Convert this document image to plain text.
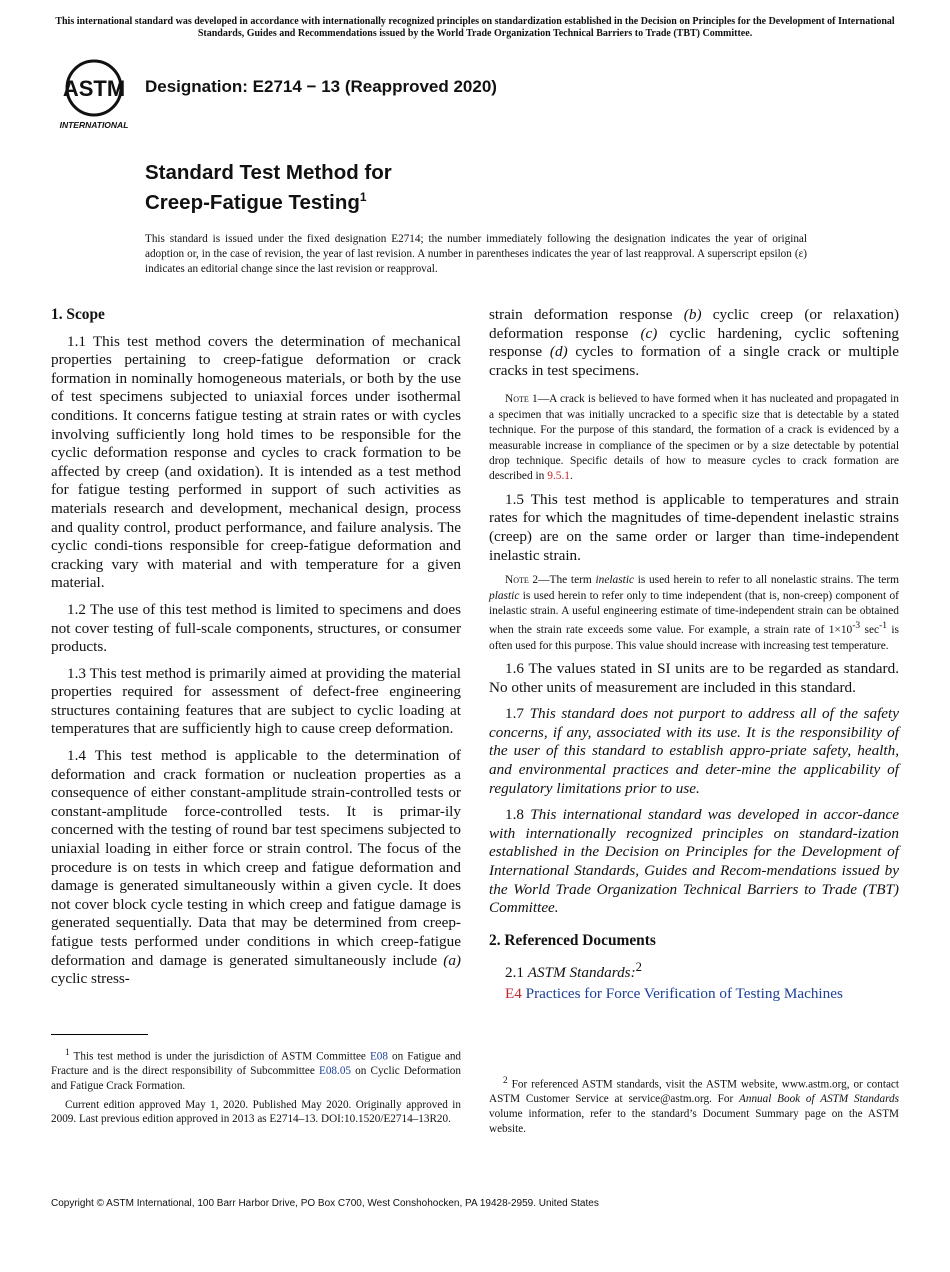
This international standard was developed in accordance with internationally recognized principles on standardization established in the Decision on Principles for the Development of International Standards, Guides and Recommendations issued by the World Trade Organization Technical Barriers to Trade (TBT) Committee.
ASTM
INTERNATIONAL
Designation: E2714 − 13 (Reapproved 2020)
Standard Test Method for
Creep-Fatigue Testing$^1$
This standard is issued under the fixed designation E2714; the number immediately following the designation indicates the year of original adoption or, in the case of revision, the year of last revision. A number in parentheses indicates the year of last reapproval. A superscript epsilon (ε) indicates an editorial change since the last revision or reapproval.
1. Scope

1.1 This test method covers the determination of mechanical properties pertaining to creep-fatigue deformation or crack formation in nominally homogeneous materials, or both by the use of test specimens subjected to uniaxial forces under isothermal conditions. It concerns fatigue testing at strain rates or with cycles involving sufficiently long hold times to be responsible for the cyclic deformation response and cycles to crack formation to be affected by creep (and oxidation). It is intended as a test method for fatigue testing performed in support of such activities as materials research and development, mechanical design, process and quality control, product performance, and failure analysis. The cyclic condi-tions responsible for creep-fatigue deformation and cracking vary with material and with temperature for a given material.

1.2 The use of this test method is limited to specimens and does not cover testing of full-scale components, structures, or consumer products.

1.3 This test method is primarily aimed at providing the material properties required for assessment of defect-free engineering structures containing features that are subject to cyclic loading at temperatures that are sufficiently high to cause creep deformation.

1.4 This test method is applicable to the determination of deformation and crack formation or nucleation properties as a consequence of either constant-amplitude strain-controlled tests or constant-amplitude force-controlled tests. It is primar-ily concerned with the testing of round bar test specimens subjected to uniaxial loading in either force or strain control. The focus of the procedure is on tests in which creep and fatigue deformation and damage is generated simultaneously within a given cycle. It does not cover block cycle testing in which creep and fatigue damage is generated sequentially. Data that may be determined from creep-fatigue tests performed under conditions in which creep-fatigue deformation and damage is generated simultaneously include (a) cyclic stress-

strain deformation response (b) cyclic creep (or relaxation) deformation response (c) cyclic hardening, cyclic softening response (d) cycles to formation of a single crack or multiple cracks in test specimens.

Note 1—A crack is believed to have formed when it has nucleated and propagated in a specimen that was initially uncracked to a specific size that is detectable by a stated technique. For the purpose of this standard, the formation of a crack is evidenced by a measurable increase in compliance of the specimen or by a size detectable by potential drop technique. Specific details of how to measure cycles to crack formation are described in 9.5.1.

1.5 This test method is applicable to temperatures and strain rates for which the magnitudes of time-dependent inelastic strains (creep) are on the same order or larger than time-independent inelastic strain.

Note 2—The term inelastic is used herein to refer to all nonelastic strains. The term plastic is used herein to refer only to time independent (that is, non-creep) component of inelastic strain. A useful engineering estimate of time-independent strain can be obtained when the strain rate exceeds some value. For example, a strain rate of $1\times 10^{-3}$ $\sec^{-1}$ is often used for this purpose. This value should increase with increasing test temperature.

1.6 The values stated in SI units are to be regarded as standard. No other units of measurement are included in this standard.

1.7 This standard does not purport to address all of the safety concerns, if any, associated with its use. It is the responsibility of the user of this standard to establish appro-priate safety, health, and environmental practices and deter-mine the applicability of regulatory limitations prior to use.

1.8 This international standard was developed in accor-dance with internationally recognized principles on standard-ization established in the Decision on Principles for the Development of International Standards, Guides and Recom-mendations issued by the World Trade Organization Technical Barriers to Trade (TBT) Committee.

2. Referenced Documents

2.1 ASTM Standards:$^2$

E4 Practices for Force Verification of Testing Machines

$^1$ This test method is under the jurisdiction of ASTM Committee E08 on Fatigue and Fracture and is the direct responsibility of Subcommittee E08.05 on Cyclic Deformation and Fatigue Crack Formation.

Current edition approved May 1, 2020. Published May 2020. Originally approved in 2009. Last previous edition approved in 2013 as E2714–13. DOI:10.1520/E2714–13R20.

$^2$ For referenced ASTM standards, visit the ASTM website, www.astm.org, or contact ASTM Customer Service at service@astm.org. For Annual Book of ASTM Standards volume information, refer to the standard’s Document Summary page on the ASTM website.

Copyright © ASTM International, 100 Barr Harbor Drive, PO Box C700, West Conshohocken, PA 19428-2959. United States
